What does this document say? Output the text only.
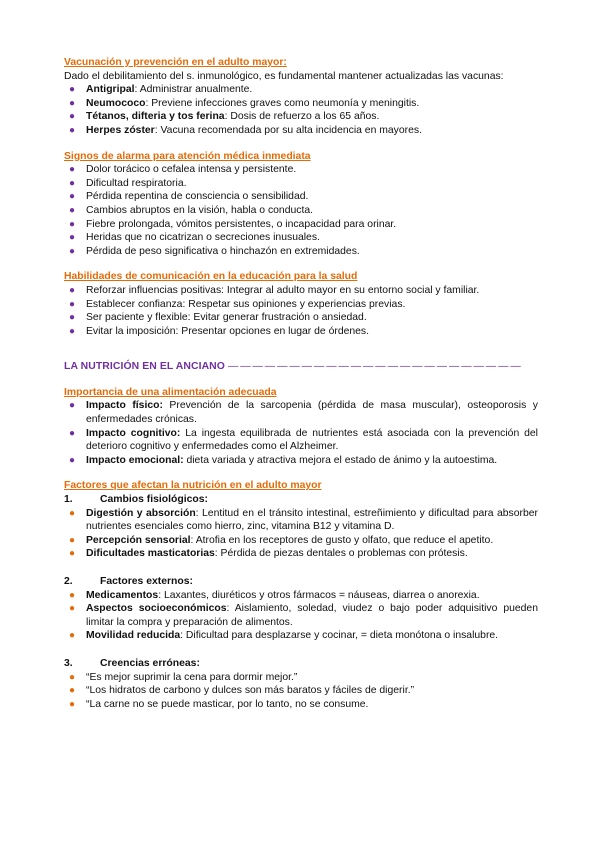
Vacunación y prevención en el adulto mayor:
Dado el debilitamiento del s. inmunológico, es fundamental mantener actualizadas las vacunas:
● Antigripal: Administrar anualmente.
● Neumococo: Previene infecciones graves como neumonía y meningitis.
● Tétanos, difteria y tos ferina: Dosis de refuerzo a los 65 años.
● Herpes zóster: Vacuna recomendada por su alta incidencia en mayores.
Signos de alarma para atención médica inmediata
● Dolor torácico o cefalea intensa y persistente.
● Dificultad respiratoria.
● Pérdida repentina de consciencia o sensibilidad.
● Cambios abruptos en la visión, habla o conducta.
● Fiebre prolongada, vómitos persistentes, o incapacidad para orinar.
● Heridas que no cicatrizan o secreciones inusuales.
● Pérdida de peso significativa o hinchazón en extremidades.
Habilidades de comunicación en la educación para la salud
● Reforzar influencias positivas: Integrar al adulto mayor en su entorno social y familiar.
● Establecer confianza: Respetar sus opiniones y experiencias previas.
● Ser paciente y flexible: Evitar generar frustración o ansiedad.
● Evitar la imposición: Presentar opciones en lugar de órdenes.
LA NUTRICIÓN EN EL ANCIANO — — — — — — — — — — — — — — — — — — — — — — — —
Importancia de una alimentación adecuada
● Impacto físico: Prevención de la sarcopenia (pérdida de masa muscular), osteoporosis y enfermedades crónicas.
● Impacto cognitivo: La ingesta equilibrada de nutrientes está asociada con la prevención del deterioro cognitivo y enfermedades como el Alzheimer.
● Impacto emocional: dieta variada y atractiva mejora el estado de ánimo y la autoestima.
Factores que afectan la nutrición en el adulto mayor
1.	Cambios fisiológicos:
● Digestión y absorción: Lentitud en el tránsito intestinal, estreñimiento y dificultad para absorber nutrientes esenciales como hierro, zinc, vitamina B12 y vitamina D.
● Percepción sensorial: Atrofia en los receptores de gusto y olfato, que reduce el apetito.
● Dificultades masticatorias: Pérdida de piezas dentales o problemas con prótesis.
2.	Factores externos:
● Medicamentos: Laxantes, diuréticos y otros fármacos = náuseas, diarrea o anorexia.
● Aspectos socioeconómicos: Aislamiento, soledad, viudez o bajo poder adquisitivo pueden limitar la compra y preparación de alimentos.
● Movilidad reducida: Dificultad para desplazarse y cocinar, = dieta monótona o insalubre.
3.	Creencias erróneas:
● “Es mejor suprimir la cena para dormir mejor.”
● “Los hidratos de carbono y dulces son más baratos y fáciles de digerir.”
● “La carne no se puede masticar, por lo tanto, no se consume.
